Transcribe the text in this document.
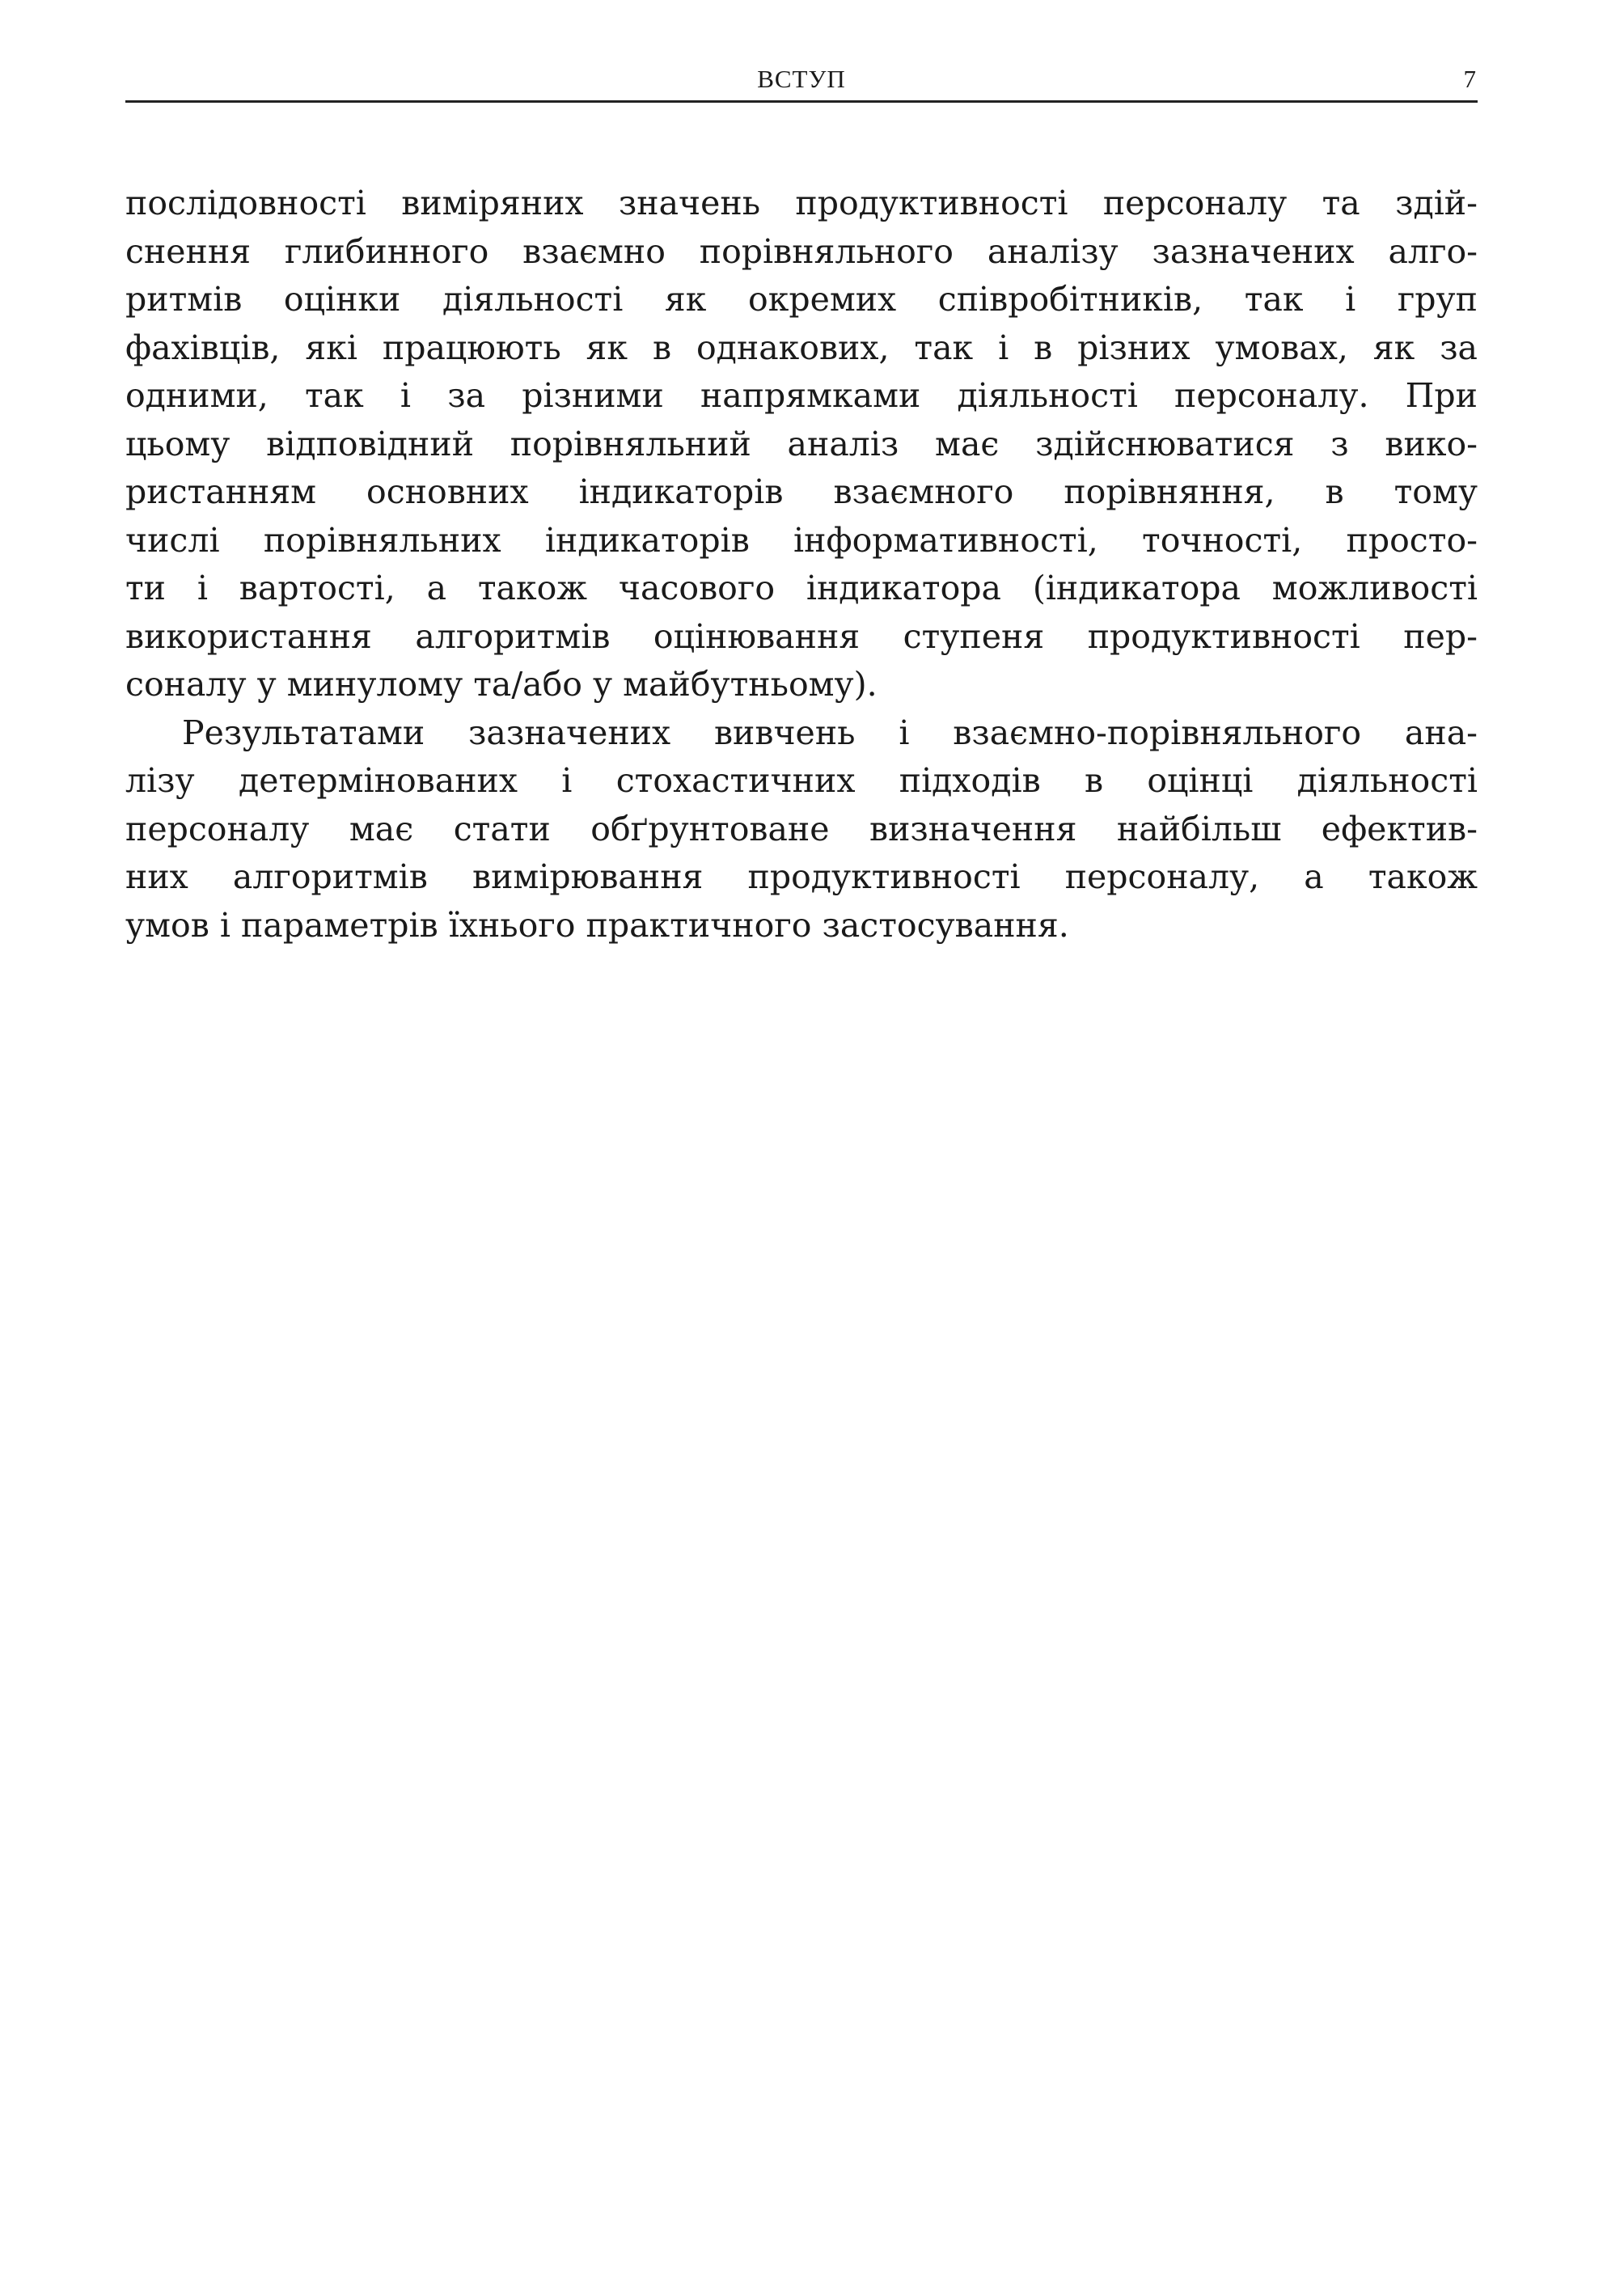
ВСТУП	7

послідовності виміряних значень продуктивності персоналу та здій-
снення глибинного взаємно порівняльного аналізу зазначених алго-
ритмів оцінки діяльності як окремих співробітників, так і груп
фахівців, які працюють як в однакових, так і в різних умовах, як за
одними, так і за різними напрямками діяльності персоналу. При
цьому відповідний порівняльний аналіз має здійснюватися з вико-
ристанням основних індикаторів взаємного порівняння, в тому
числі порівняльних індикаторів інформативності, точності, просто-
ти і вартості, а також часового індикатора (індикатора можливості
використання алгоритмів оцінювання ступеня продуктивності пер-
соналу у минулому та/або у майбутньому).

Результатами зазначених вивчень і взаємно-порівняльного ана-
лізу детермінованих і стохастичних підходів в оцінці діяльності
персоналу має стати обґрунтоване визначення найбільш ефектив-
них алгоритмів вимірювання продуктивності персоналу, а також
умов і параметрів їхнього практичного застосування.
